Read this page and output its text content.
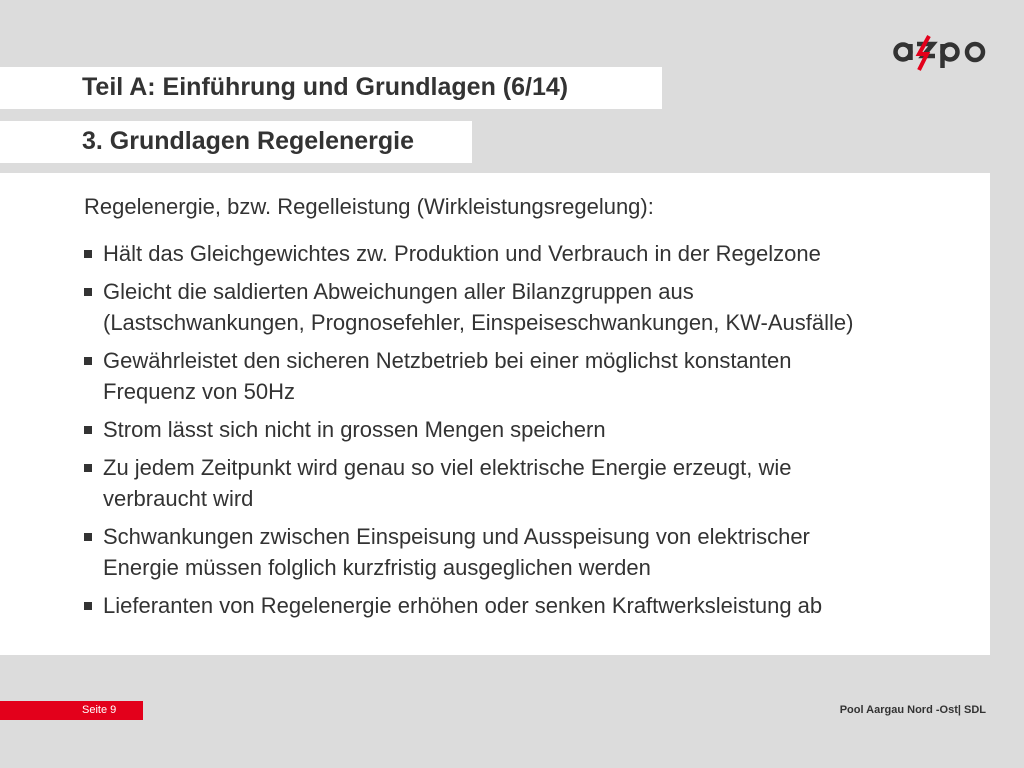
Teil A: Einführung und Grundlagen (6/14)
3. Grundlagen Regelenergie
Regelenergie, bzw. Regelleistung (Wirkleistungsregelung):
Hält das Gleichgewichtes zw. Produktion und Verbrauch in der Regelzone
Gleicht die saldierten Abweichungen aller Bilanzgruppen aus
(Lastschwankungen, Prognosefehler, Einspeiseschwankungen, KW-Ausfälle)
Gewährleistet den sicheren Netzbetrieb bei einer möglichst konstanten
Frequenz von 50Hz
Strom lässt sich nicht in grossen Mengen speichern
Zu jedem Zeitpunkt wird genau so viel elektrische Energie erzeugt, wie
verbraucht wird
Schwankungen zwischen Einspeisung und Ausspeisung von elektrischer
Energie müssen folglich kurzfristig ausgeglichen werden
Lieferanten von Regelenergie erhöhen oder senken Kraftwerksleistung ab
Seite 9	Pool Aargau Nord -Ost| SDL
